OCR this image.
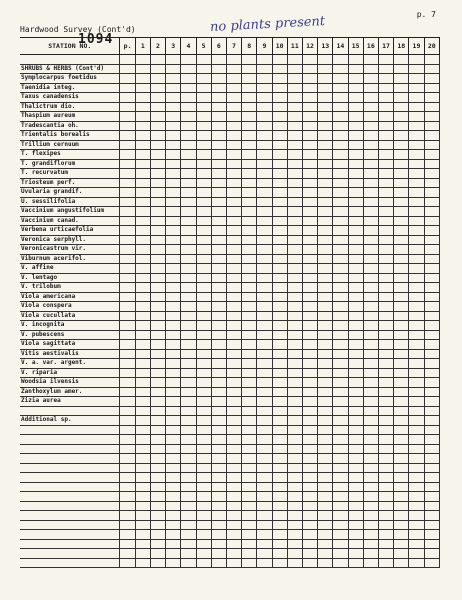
p. 7
Hardwood Survey (Cont'd)	no plants present
1094
STATION NO.	p.	1	2	3	4	5	6	7	8	9	10	11	12	13	14	15	16	17	18	19	20

SHRUBS & HERBS (Cont'd)																					
Symplocarpus foetidus																					
Taenidia integ.																					
Taxus canadensis																					
Thalictrum dio.																					
Thaspium aureum																					
Tradescantia oh.																					
Trientalis borealis																					
Trillium cernuum																					
T. flexipes																					
T. grandiflorum																					
T. recurvatum																					
Triosteum perf.																					
Uvularia grandif.																					
U. sessilifolia																					
Vaccinium angustifolium																					
Vaccinium canad.																					
Verbena urticaefolia																					
Veronica serphyll.																					
Veronicastrum vir.																					
Viburnum acerifol.																					
V. affine																					
V. lentago																					
V. trilobum																					
Viola americana																					
Viola conspera																					
Viola cucullata																					
V. incognita																					
V. pubescens																					
Viola sagittata																					
Vitis aestivalis																					
V. a. var. argent.																					
V. riparia																					
Woodsia ilvensis																					
Zanthoxylum amer.																					
Zizia aurea																					

Additional sp.																					
